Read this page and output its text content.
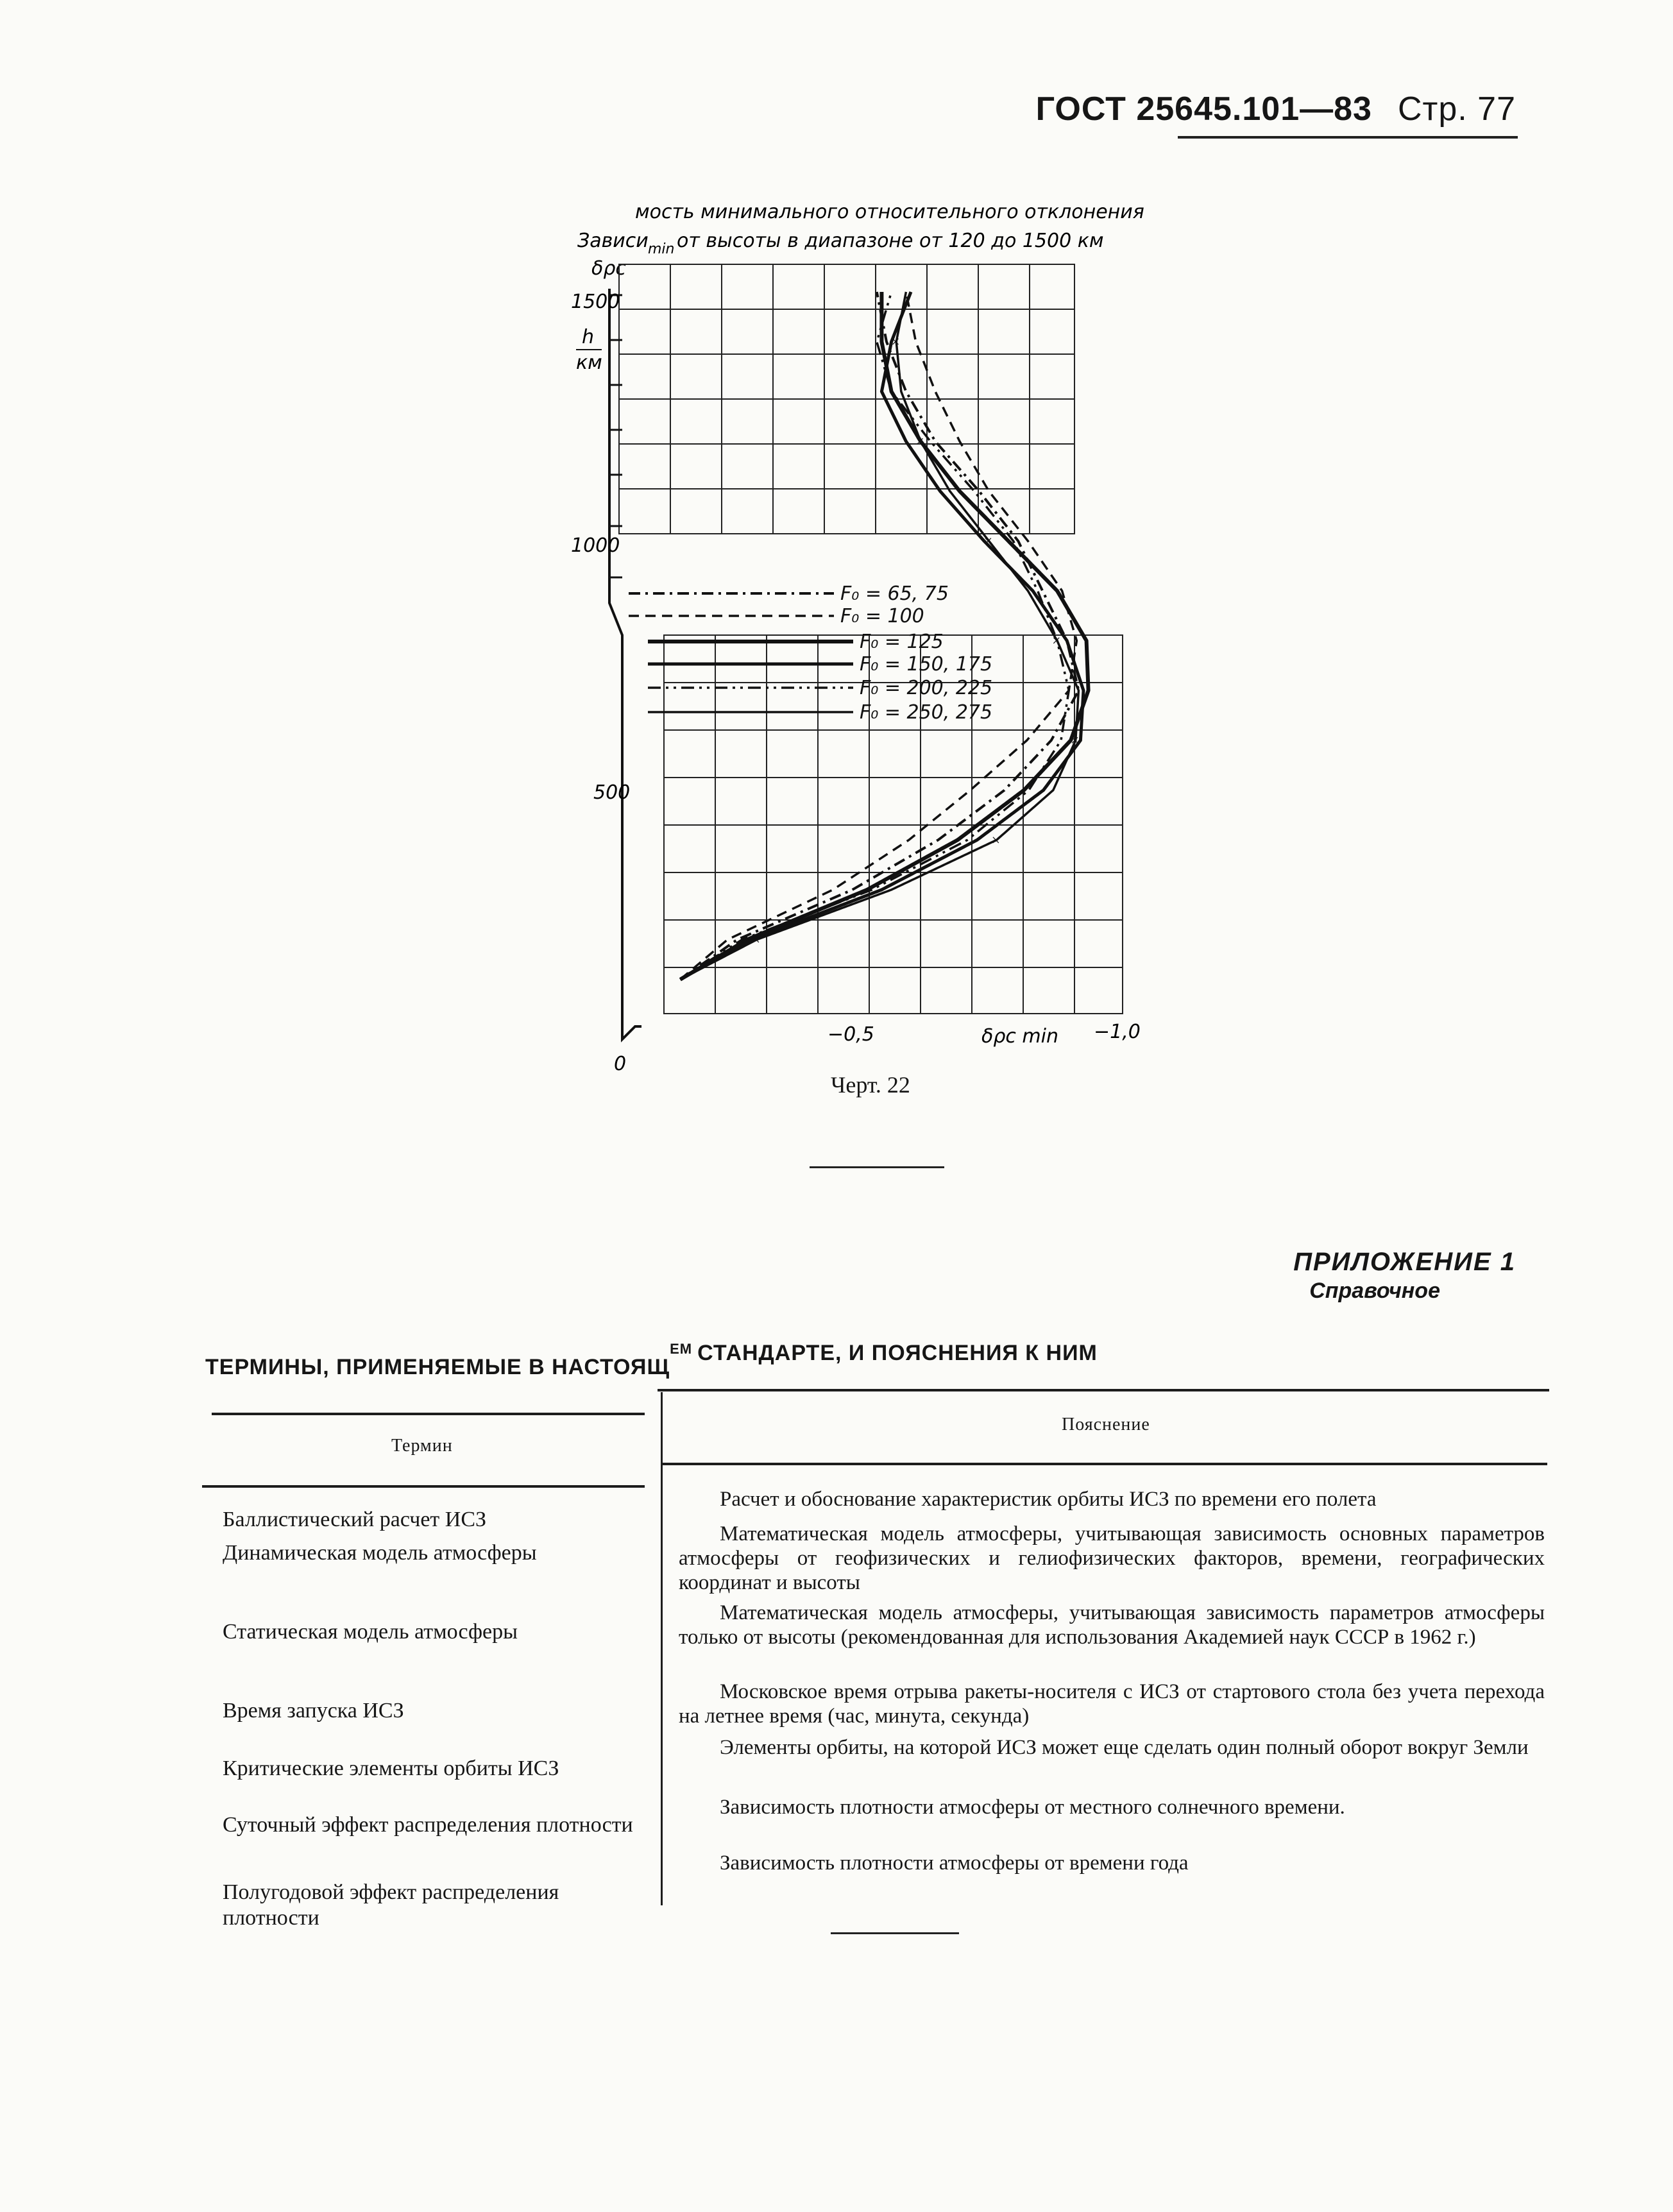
ГОСТ 25645.101—83 Стр. 77
мость минимального относительного отклонения
Зависи min от высоты в диапазоне от 120 до 1500 км
δρc
h
км
1500
1000
500
0
−0,5	−1,0
δρc min
×
×
×
×
×
×
×
F₀ = 65, 75
F₀ = 100
F₀ = 125
F₀ = 150, 175
F₀ = 200, 225
F₀ = 250, 275
Черт. 22
ПРИЛОЖЕНИЕ 1
Справочное
ТЕРМИНЫ, ПРИМЕНЯЕМЫЕ В $НАСТОЯЩ^{ЕМ}$ СТАНДАРТЕ, И ПОЯСНЕНИЯ К НИМ
Термин
Пояснение
Баллистический расчет ИСЗ
Динамическая модель атмосферы
Статическая модель атмосферы
Время запуска ИСЗ
Критические элементы орбиты ИСЗ
Суточный эффект распределения плотности
Полугодовой эффект распределения плотности
Расчет и обоснование характеристик орбиты ИСЗ по времени его полета
Математическая модель атмосферы, учитывающая зависимость основных параметров атмосферы от геофизических и гелиофизических факторов, времени, географических координат и высоты
Математическая модель атмосферы, учитывающая зависимость параметров атмосферы только от высоты (рекомендованная для использования Академией наук СССР в 1962 г.)
Московское время отрыва ракеты-носителя с ИСЗ от стартового стола без учета перехода на летнее время (час, минута, секунда)
Элементы орбиты, на которой ИСЗ может еще сделать один полный оборот вокруг Земли
Зависимость плотности атмосферы от местного солнечного времени.
Зависимость плотности атмосферы от времени года
